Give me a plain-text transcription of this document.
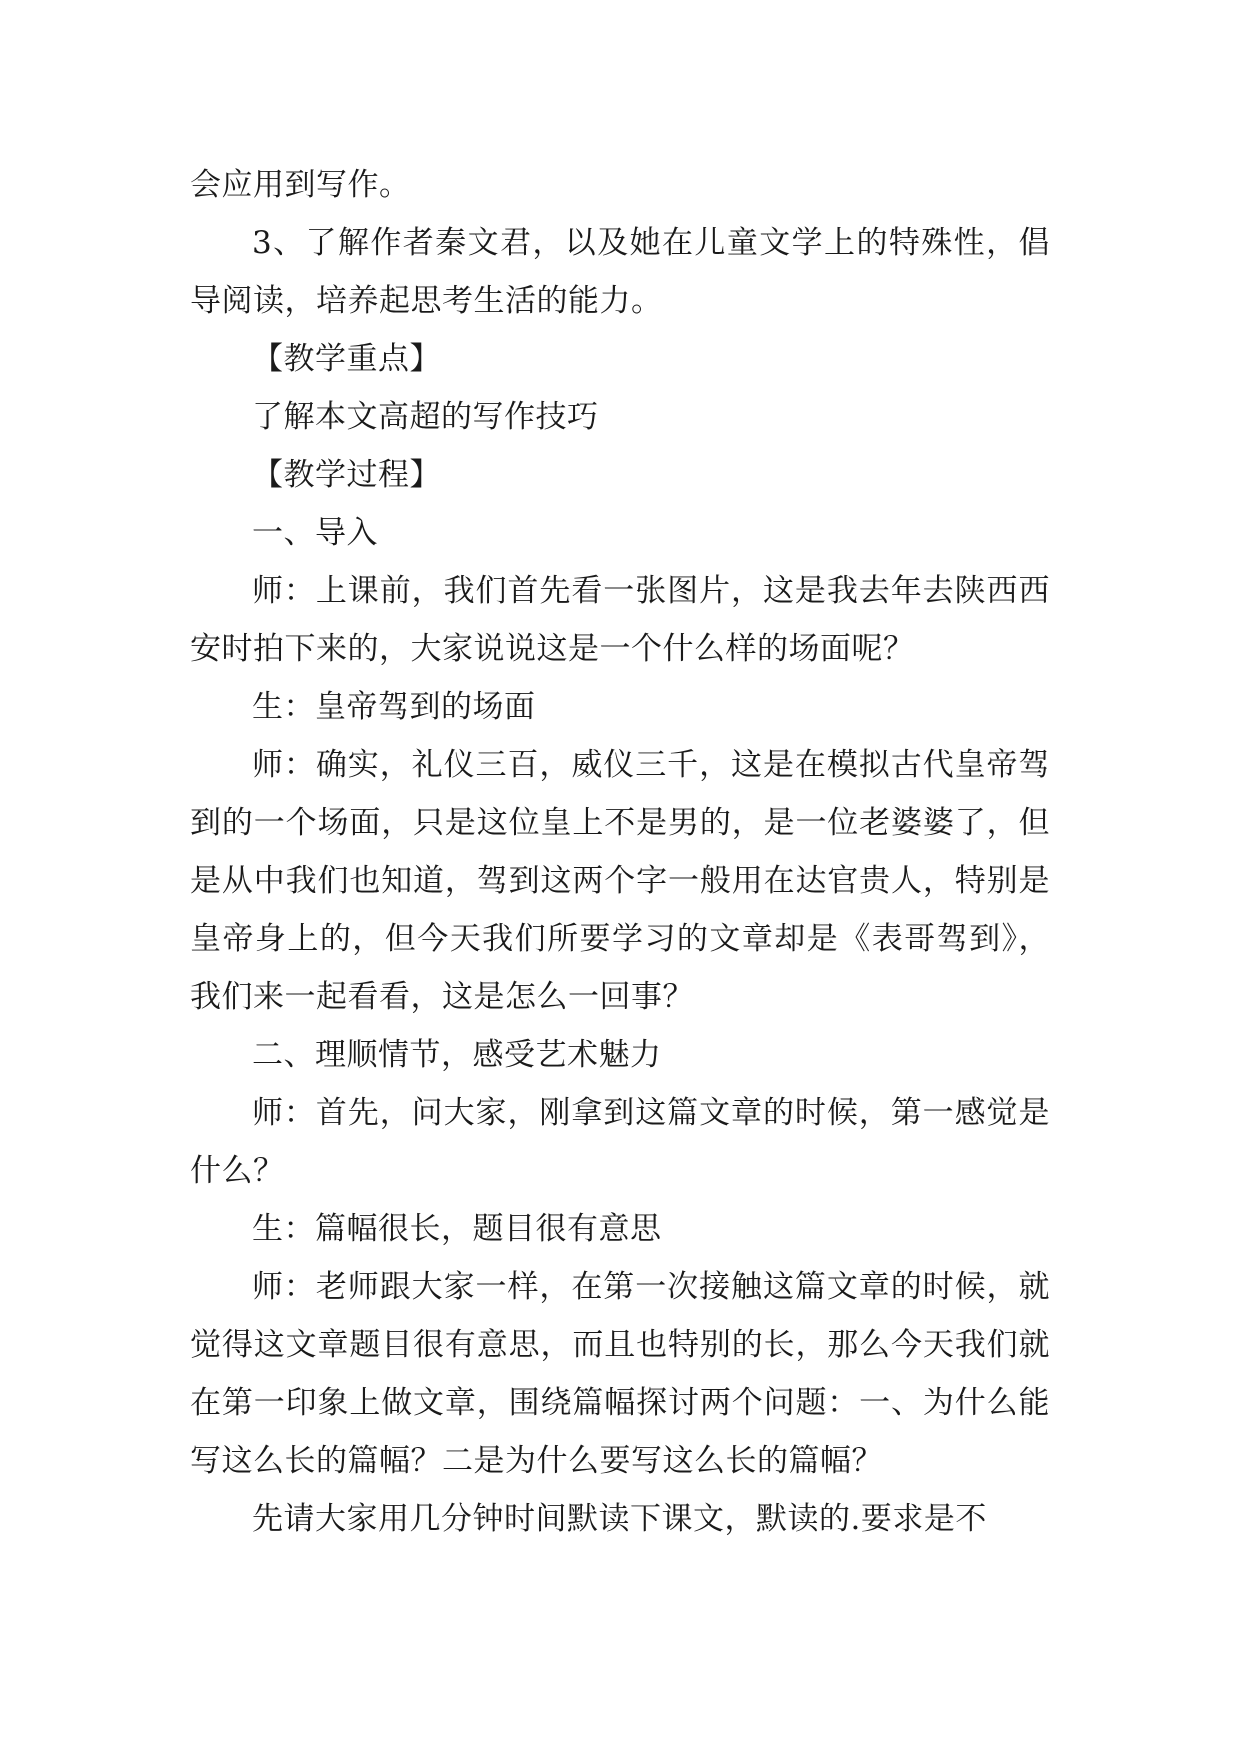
会应用到写作。

3、了解作者秦文君，以及她在儿童文学上的特殊性，倡导阅读，培养起思考生活的能力。

【教学重点】

了解本文高超的写作技巧

【教学过程】

一、导入

师：上课前，我们首先看一张图片，这是我去年去陕西西安时拍下来的，大家说说这是一个什么样的场面呢？

生：皇帝驾到的场面

师：确实，礼仪三百，威仪三千，这是在模拟古代皇帝驾到的一个场面，只是这位皇上不是男的，是一位老婆婆了，但是从中我们也知道，驾到这两个字一般用在达官贵人，特别是皇帝身上的，但今天我们所要学习的文章却是《表哥驾到》，我们来一起看看，这是怎么一回事？

二、理顺情节，感受艺术魅力

师：首先，问大家，刚拿到这篇文章的时候，第一感觉是什么？

生：篇幅很长，题目很有意思

师：老师跟大家一样，在第一次接触这篇文章的时候，就觉得这文章题目很有意思，而且也特别的长，那么今天我们就在第一印象上做文章，围绕篇幅探讨两个问题：一、为什么能写这么长的篇幅？二是为什么要写这么长的篇幅？

先请大家用几分钟时间默读下课文，默读的.要求是不
